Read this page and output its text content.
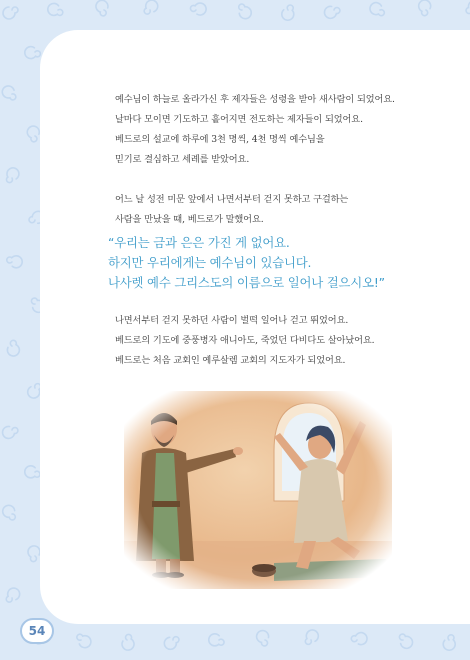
예수님이 하늘로 올라가신 후 제자들은 성령을 받아 새사람이 되었어요.
날마다 모이면 기도하고 흩어지면 전도하는 제자들이 되었어요.
베드로의 설교에 하루에 3천 명씩, 4천 명씩 예수님을
믿기로 결심하고 세례를 받았어요.
어느 날 성전 미문 앞에서 나면서부터 걷지 못하고 구걸하는
사람을 만났을 때, 베드로가 말했어요.
“우리는 금과 은은 가진 게 없어요.
하지만 우리에게는 예수님이 있습니다.
나사렛 예수 그리스도의 이름으로 일어나 걸으시오!”
나면서부터 걷지 못하던 사람이 벌떡 일어나 걷고 뛰었어요.
베드로의 기도에 중풍병자 애니아도, 죽었던 다비다도 살아났어요.
베드로는 처음 교회인 예루살렘 교회의 지도자가 되었어요.
54
